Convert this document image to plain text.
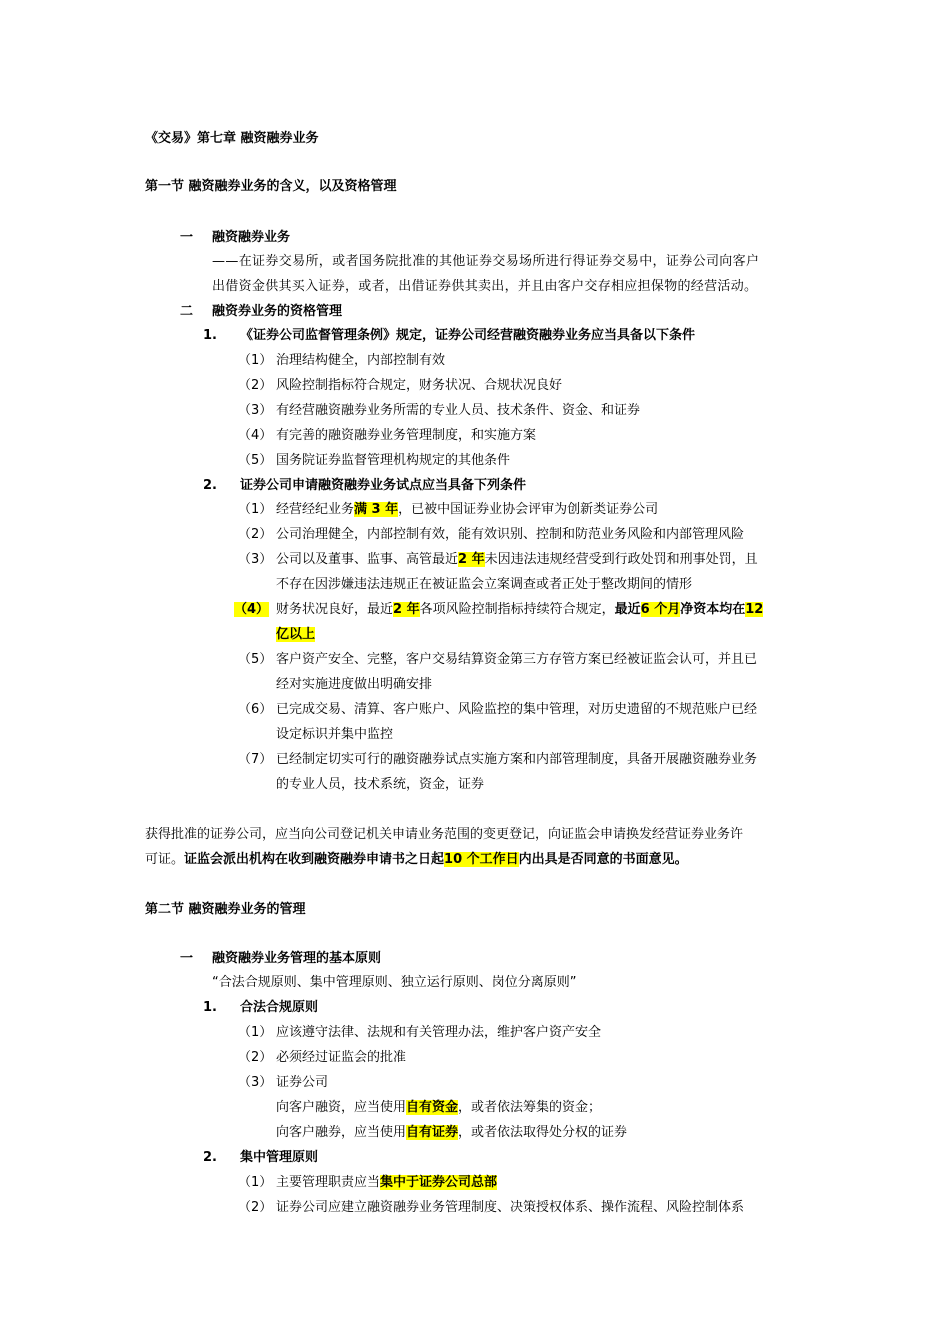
《交易》第七章 融资融券业务
第一节 融资融券业务的含义，以及资格管理
一 融资融券业务
——在证券交易所，或者国务院批准的其他证券交易场所进行得证券交易中，证券公司向客户
出借资金供其买入证券，或者，出借证券供其卖出，并且由客户交存相应担保物的经营活动。
二 融资券业务的资格管理
1. 《证券公司监督管理条例》规定，证券公司经营融资融券业务应当具备以下条件
（1） 治理结构健全，内部控制有效
（2） 风险控制指标符合规定，财务状况、合规状况良好
（3） 有经营融资融券业务所需的专业人员、技术条件、资金、和证券
（4） 有完善的融资融券业务管理制度，和实施方案
（5） 国务院证券监督管理机构规定的其他条件
2. 证券公司申请融资融券业务试点应当具备下列条件
（1） 经营经纪业务满 3 年，已被中国证券业协会评审为创新类证券公司
（2） 公司治理健全，内部控制有效，能有效识别、控制和防范业务风险和内部管理风险
（3） 公司以及董事、监事、高管最近2 年未因违法违规经营受到行政处罚和刑事处罚，且
不存在因涉嫌违法违规正在被证监会立案调查或者正处于整改期间的情形
（4） 财务状况良好，最近2 年各项风险控制指标持续符合规定，最近6 个月净资本均在12
亿以上
（5） 客户资产安全、完整，客户交易结算资金第三方存管方案已经被证监会认可，并且已
经对实施进度做出明确安排
（6） 已完成交易、清算、客户账户、风险监控的集中管理，对历史遗留的不规范账户已经
设定标识并集中监控
（7） 已经制定切实可行的融资融券试点实施方案和内部管理制度，具备开展融资融券业务
的专业人员，技术系统，资金，证券
获得批准的证券公司，应当向公司登记机关申请业务范围的变更登记，向证监会申请换发经营证券业务许
可证。证监会派出机构在收到融资融券申请书之日起10 个工作日内出具是否同意的书面意见。
第二节 融资融券业务的管理
一 融资融券业务管理的基本原则
“合法合规原则、集中管理原则、独立运行原则、岗位分离原则”
1. 合法合规原则
（1） 应该遵守法律、法规和有关管理办法，维护客户资产安全
（2） 必须经过证监会的批准
（3） 证券公司
向客户融资，应当使用自有资金，或者依法筹集的资金；
向客户融券，应当使用自有证券，或者依法取得处分权的证券
2. 集中管理原则
（1） 主要管理职责应当集中于证券公司总部
（2） 证券公司应建立融资融券业务管理制度、决策授权体系、操作流程、风险控制体系
